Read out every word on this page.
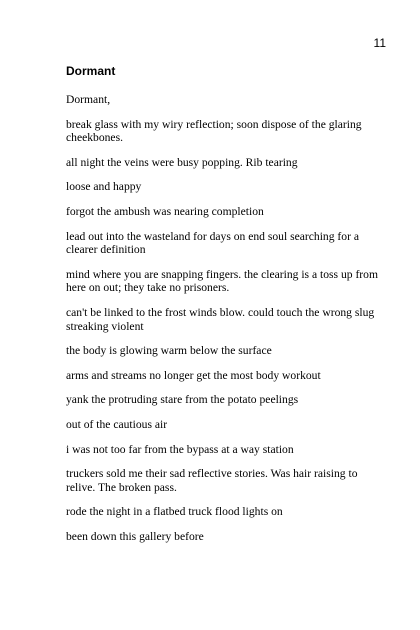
11
Dormant

Dormant,

break glass with my wiry reflection; soon dispose of the glaring cheekbones.

all night the veins were busy popping. Rib tearing

loose and happy

forgot the ambush was nearing completion

lead out into the wasteland for days on end soul searching for a clearer definition

mind where you are snapping fingers. the clearing is a toss up from here on out; they take no prisoners.

can't be linked to the frost winds blow. could touch the wrong slug streaking violent

the body is glowing warm below the surface

arms and streams no longer get the most body workout

yank the protruding stare from the potato peelings

out of the cautious air

i was not too far from the bypass at a way station

truckers sold me their sad reflective stories. Was hair raising to relive. The broken pass.

rode the night in a flatbed truck flood lights on

been down this gallery before
